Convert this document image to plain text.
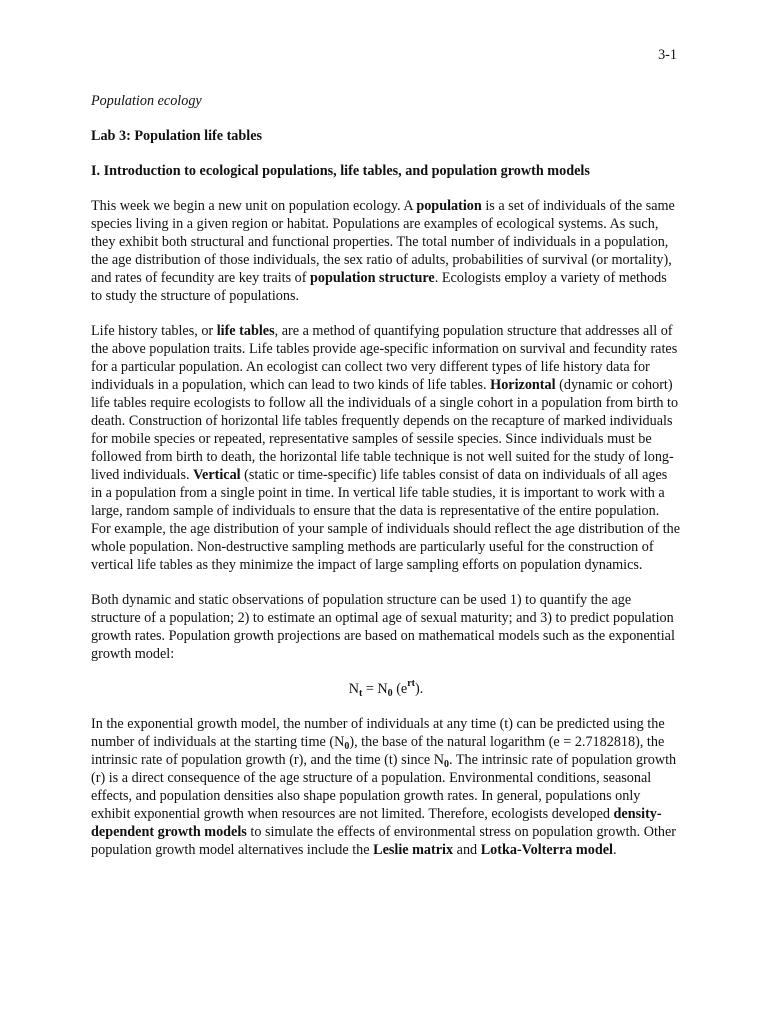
3-1

Population ecology

Lab 3: Population life tables

I. Introduction to ecological populations, life tables, and population growth models

This week we begin a new unit on population ecology. A population is a set of individuals of the same species living in a given region or habitat. Populations are examples of ecological systems. As such, they exhibit both structural and functional properties. The total number of individuals in a population, the age distribution of those individuals, the sex ratio of adults, probabilities of survival (or mortality), and rates of fecundity are key traits of population structure. Ecologists employ a variety of methods to study the structure of populations.

Life history tables, or life tables, are a method of quantifying population structure that addresses all of the above population traits. Life tables provide age-specific information on survival and fecundity rates for a particular population. An ecologist can collect two very different types of life history data for individuals in a population, which can lead to two kinds of life tables. Horizontal (dynamic or cohort) life tables require ecologists to follow all the individuals of a single cohort in a population from birth to death. Construction of horizontal life tables frequently depends on the recapture of marked individuals for mobile species or repeated, representative samples of sessile species. Since individuals must be followed from birth to death, the horizontal life table technique is not well suited for the study of long-lived individuals. Vertical (static or time-specific) life tables consist of data on individuals of all ages in a population from a single point in time. In vertical life table studies, it is important to work with a large, random sample of individuals to ensure that the data is representative of the entire population. For example, the age distribution of your sample of individuals should reflect the age distribution of the whole population. Non-destructive sampling methods are particularly useful for the construction of vertical life tables as they minimize the impact of large sampling efforts on population dynamics.

Both dynamic and static observations of population structure can be used 1) to quantify the age structure of a population; 2) to estimate an optimal age of sexual maturity; and 3) to predict population growth rates. Population growth projections are based on mathematical models such as the exponential growth model:

$N_t = N_0$ $(e^{rt})$.

In the exponential growth model, the number of individuals at any time (t) can be predicted using the number of individuals at the starting time $(N_0)$, the base of the natural logarithm (e = 2.7182818), the intrinsic rate of population growth (r), and the time (t) since $N_0$. The intrinsic rate of population growth (r) is a direct consequence of the age structure of a population. Environmental conditions, seasonal effects, and population densities also shape population growth rates. In general, populations only exhibit exponential growth when resources are not limited. Therefore, ecologists developed density-dependent growth models to simulate the effects of environmental stress on population growth. Other population growth model alternatives include the Leslie matrix and Lotka-Volterra model.
